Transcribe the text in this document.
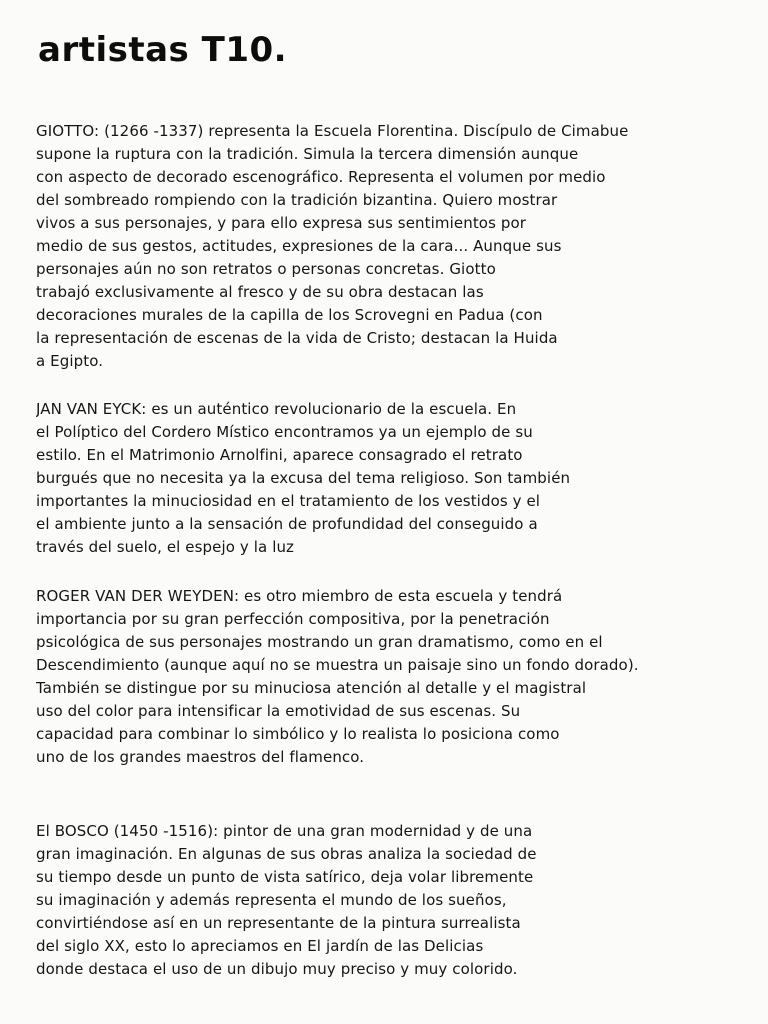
artistas T10.
GIOTTO: (1266 -1337) representa la Escuela Florentina. Discípulo de Cimabue
supone la ruptura con la tradición. Simula la tercera dimensión aunque
con aspecto de decorado escenográfico. Representa el volumen por medio
del sombreado rompiendo con la tradición bizantina. Quiero mostrar
vivos a sus personajes, y para ello expresa sus sentimientos por
medio de sus gestos, actitudes, expresiones de la cara... Aunque sus
personajes aún no son retratos o personas concretas. Giotto
trabajó exclusivamente al fresco y de su obra destacan las
decoraciones murales de la capilla de los Scrovegni en Padua (con
la representación de escenas de la vida de Cristo; destacan la Huida
a Egipto.
JAN VAN EYCK: es un auténtico revolucionario de la escuela. En
el Políptico del Cordero Místico encontramos ya un ejemplo de su
estilo. En el Matrimonio Arnolfini, aparece consagrado el retrato
burgués que no necesita ya la excusa del tema religioso. Son también
importantes la minuciosidad en el tratamiento de los vestidos y el
el ambiente junto a la sensación de profundidad del conseguido a
través del suelo, el espejo y la luz
ROGER VAN DER WEYDEN: es otro miembro de esta escuela y tendrá
importancia por su gran perfección compositiva, por la penetración
psicológica de sus personajes mostrando un gran dramatismo, como en el
Descendimiento (aunque aquí no se muestra un paisaje sino un fondo dorado).
También se distingue por su minuciosa atención al detalle y el magistral
uso del color para intensificar la emotividad de sus escenas. Su
capacidad para combinar lo simbólico y lo realista lo posiciona como
uno de los grandes maestros del flamenco.
El BOSCO (1450 -1516): pintor de una gran modernidad y de una
gran imaginación. En algunas de sus obras analiza la sociedad de
su tiempo desde un punto de vista satírico, deja volar libremente
su imaginación y además representa el mundo de los sueños,
convirtiéndose así en un representante de la pintura surrealista
del siglo XX, esto lo apreciamos en El jardín de las Delicias
donde destaca el uso de un dibujo muy preciso y muy colorido.
